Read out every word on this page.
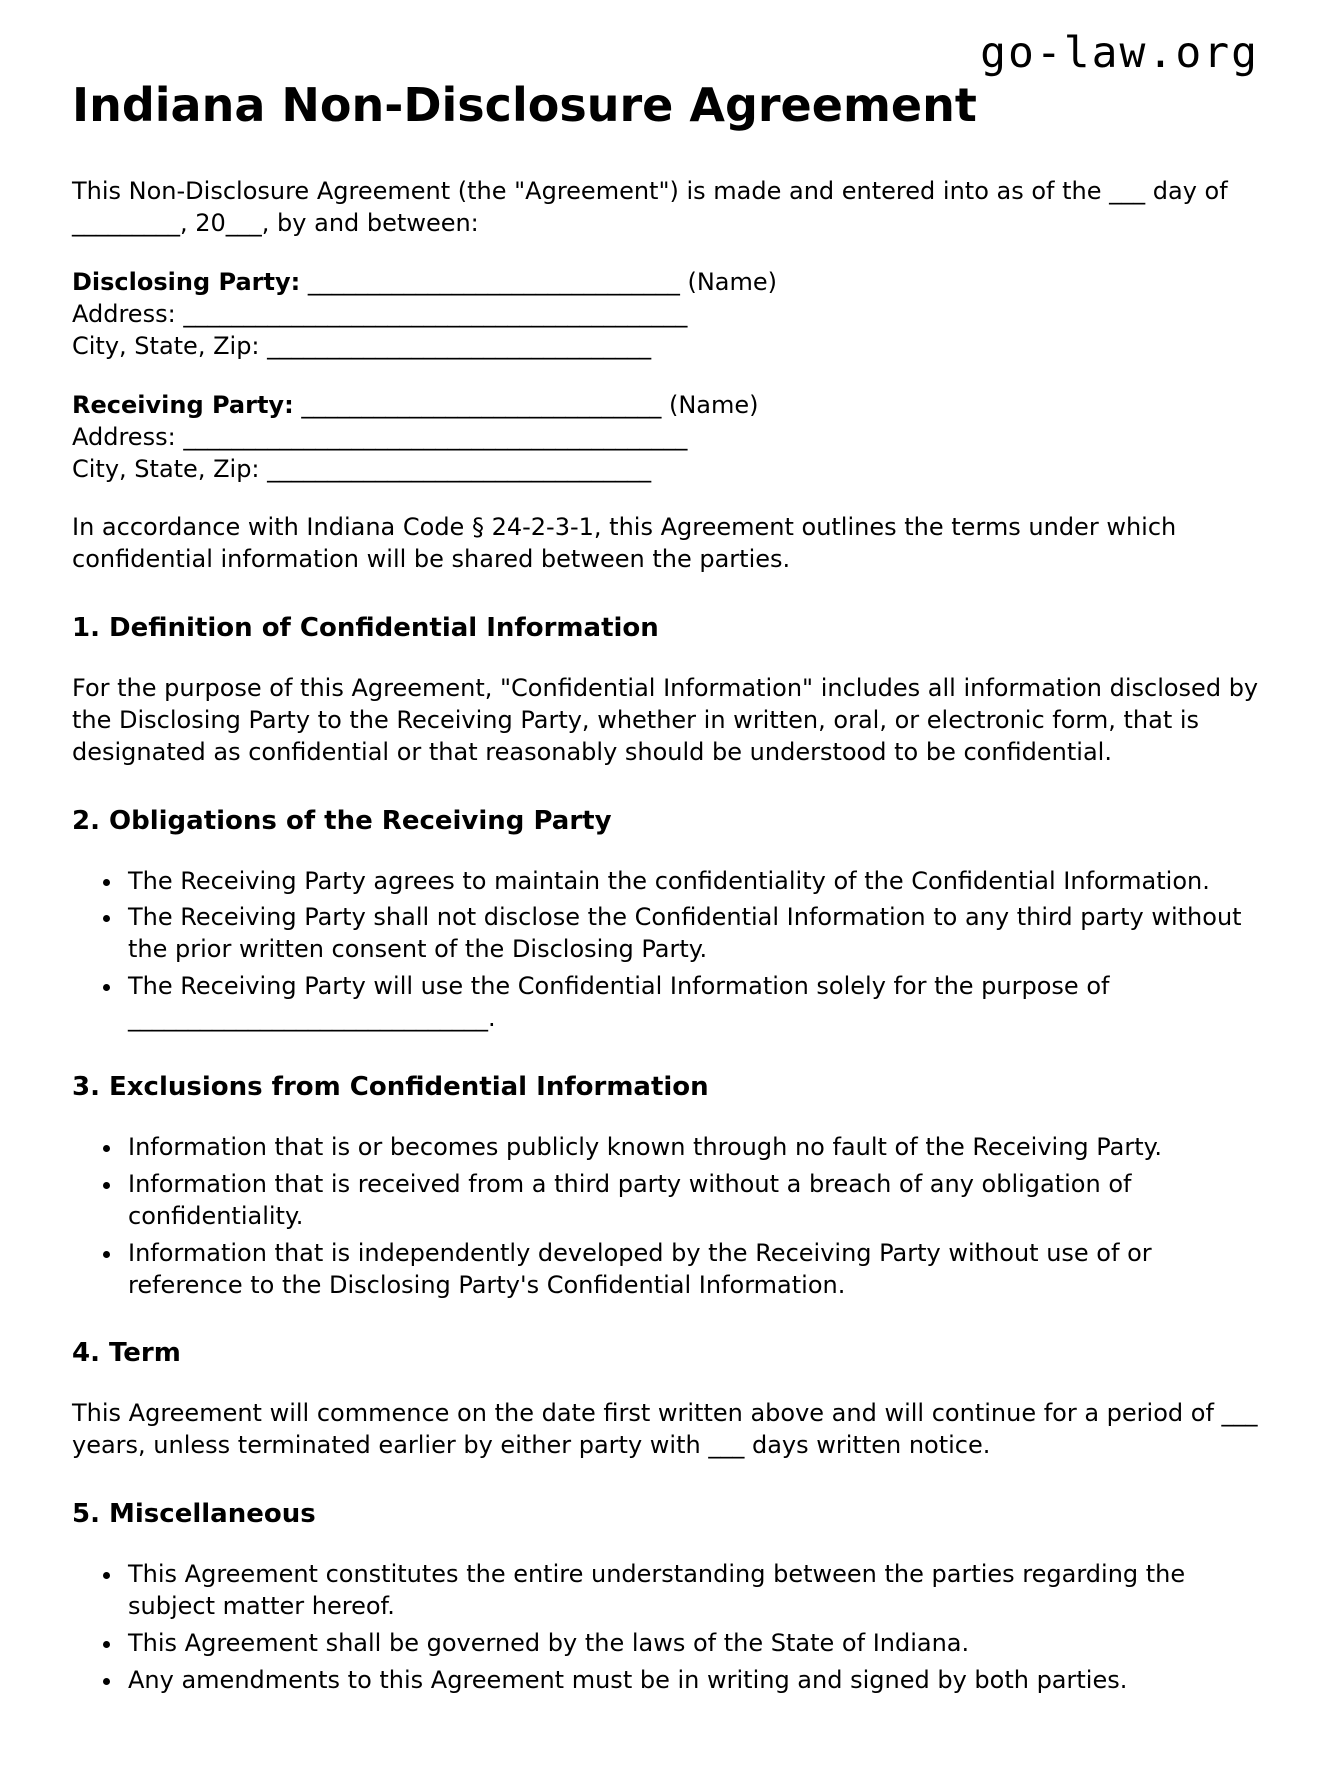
go-law.org
Indiana Non-Disclosure Agreement

This Non-Disclosure Agreement (the "Agreement") is made and entered into as of the ___ day of _________, 20___, by and between:

Disclosing Party: _______________________________ (Name)
Address: __________________________________________
City, State, Zip: ________________________________

Receiving Party: ______________________________ (Name)
Address: __________________________________________
City, State, Zip: ________________________________

In accordance with Indiana Code § 24-2-3-1, this Agreement outlines the terms under which confidential information will be shared between the parties.

1. Definition of Confidential Information

For the purpose of this Agreement, "Confidential Information" includes all information disclosed by the Disclosing Party to the Receiving Party, whether in written, oral, or electronic form, that is designated as confidential or that reasonably should be understood to be confidential.

2. Obligations of the Receiving Party
• The Receiving Party agrees to maintain the confidentiality of the Confidential Information.
• The Receiving Party shall not disclose the Confidential Information to any third party without the prior written consent of the Disclosing Party.
• The Receiving Party will use the Confidential Information solely for the purpose of ______________________________.
3. Exclusions from Confidential Information
• Information that is or becomes publicly known through no fault of the Receiving Party.
• Information that is received from a third party without a breach of any obligation of confidentiality.
• Information that is independently developed by the Receiving Party without use of or reference to the Disclosing Party's Confidential Information.
4. Term

This Agreement will commence on the date first written above and will continue for a period of ___ years, unless terminated earlier by either party with ___ days written notice.

5. Miscellaneous
• This Agreement constitutes the entire understanding between the parties regarding the subject matter hereof.
• This Agreement shall be governed by the laws of the State of Indiana.
• Any amendments to this Agreement must be in writing and signed by both parties.
